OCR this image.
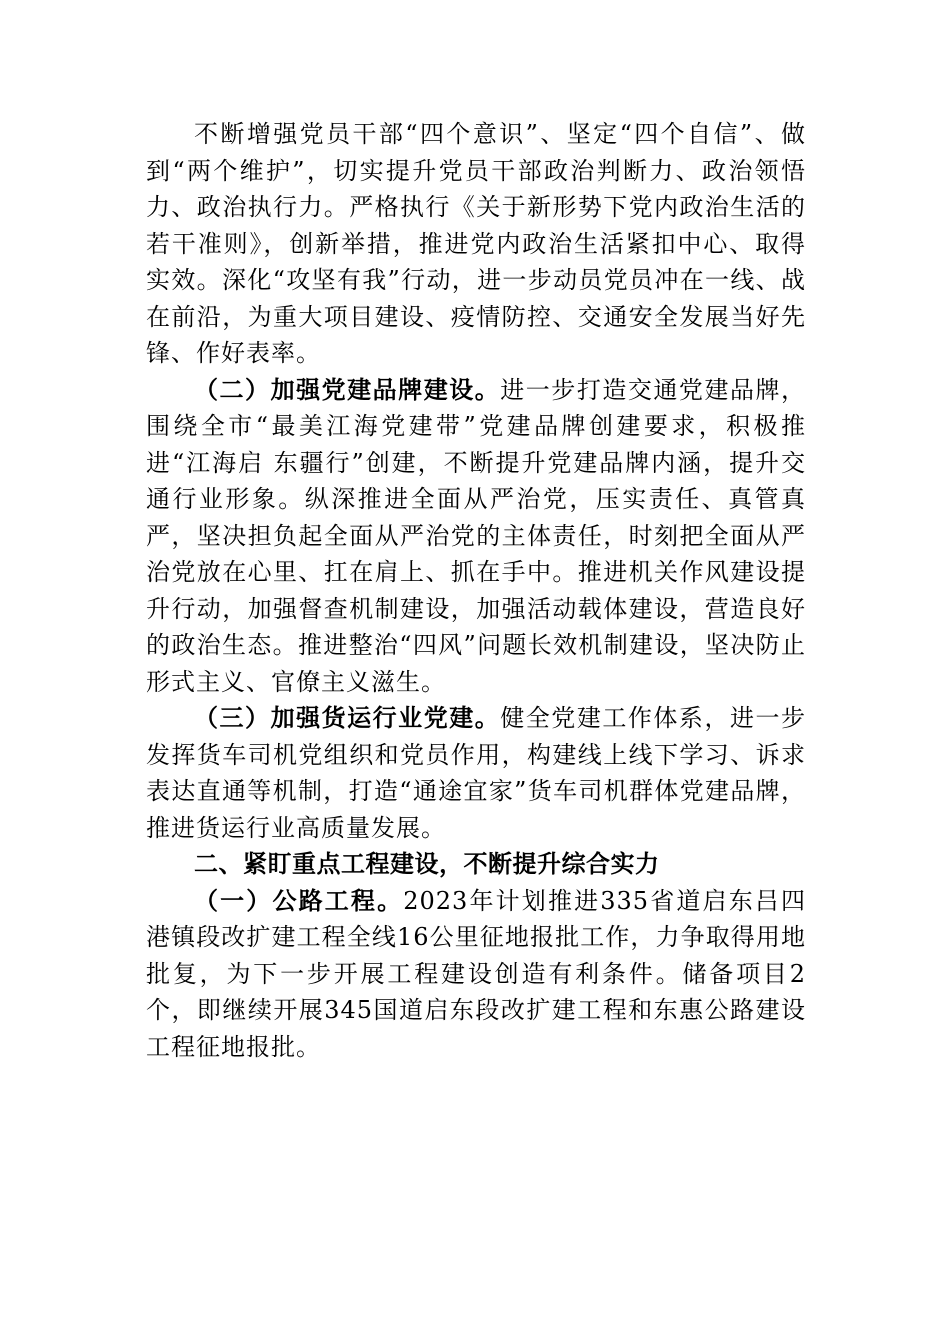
不断增强党员干部“四个意识”、坚定“四个自信”、做到“两个维护”，切实提升党员干部政治判断力、政治领悟力、政治执行力。严格执行《关于新形势下党内政治生活的若干准则》，创新举措，推进党内政治生活紧扣中心、取得实效。深化“攻坚有我”行动，进一步动员党员冲在一线、战在前沿，为重大项目建设、疫情防控、交通安全发展当好先锋、作好表率。

（二）加强党建品牌建设。进一步打造交通党建品牌，围绕全市“最美江海党建带”党建品牌创建要求，积极推进“江海启 东疆行”创建，不断提升党建品牌内涵，提升交通行业形象。纵深推进全面从严治党，压实责任、真管真严，坚决担负起全面从严治党的主体责任，时刻把全面从严治党放在心里、扛在肩上、抓在手中。推进机关作风建设提升行动，加强督查机制建设，加强活动载体建设，营造良好的政治生态。推进整治“四风”问题长效机制建设，坚决防止形式主义、官僚主义滋生。

（三）加强货运行业党建。健全党建工作体系，进一步发挥货车司机党组织和党员作用，构建线上线下学习、诉求表达直通等机制，打造“通途宜家”货车司机群体党建品牌，推进货运行业高质量发展。

二、紧盯重点工程建设，不断提升综合实力

（一）公路工程。2023年计划推进335省道启东吕四港镇段改扩建工程全线16公里征地报批工作，力争取得用地批复，为下一步开展工程建设创造有利条件。储备项目2个，即继续开展345国道启东段改扩建工程和东惠公路建设工程征地报批。
